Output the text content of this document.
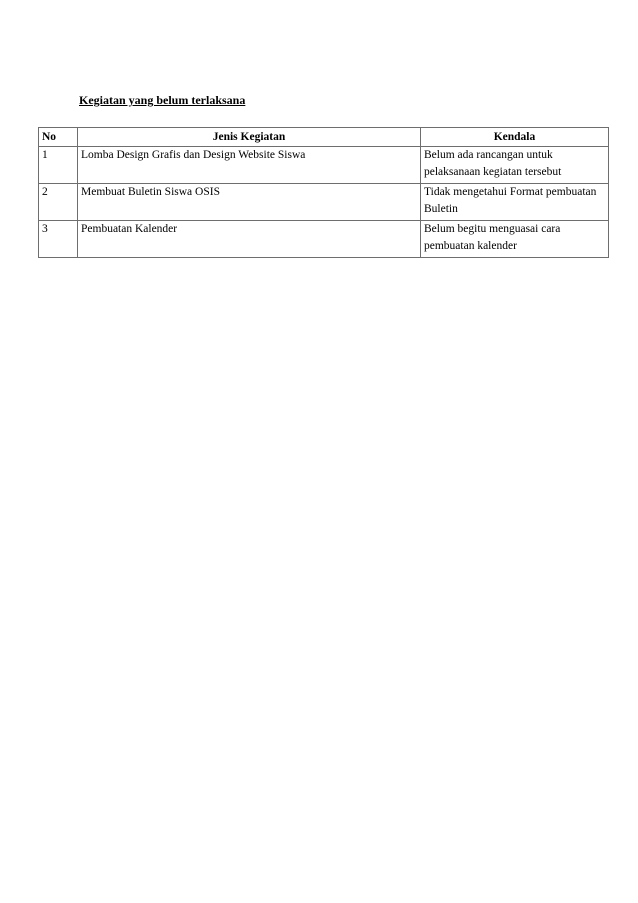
Kegiatan yang belum terlaksana
No	Jenis Kegiatan	Kendala
1	Lomba Design Grafis dan Design Website Siswa	Belum ada rancangan untuk pelaksanaan kegiatan tersebut
2	Membuat Buletin Siswa OSIS	Tidak mengetahui Format pembuatan Buletin
3	Pembuatan Kalender	Belum begitu menguasai cara pembuatan kalender
